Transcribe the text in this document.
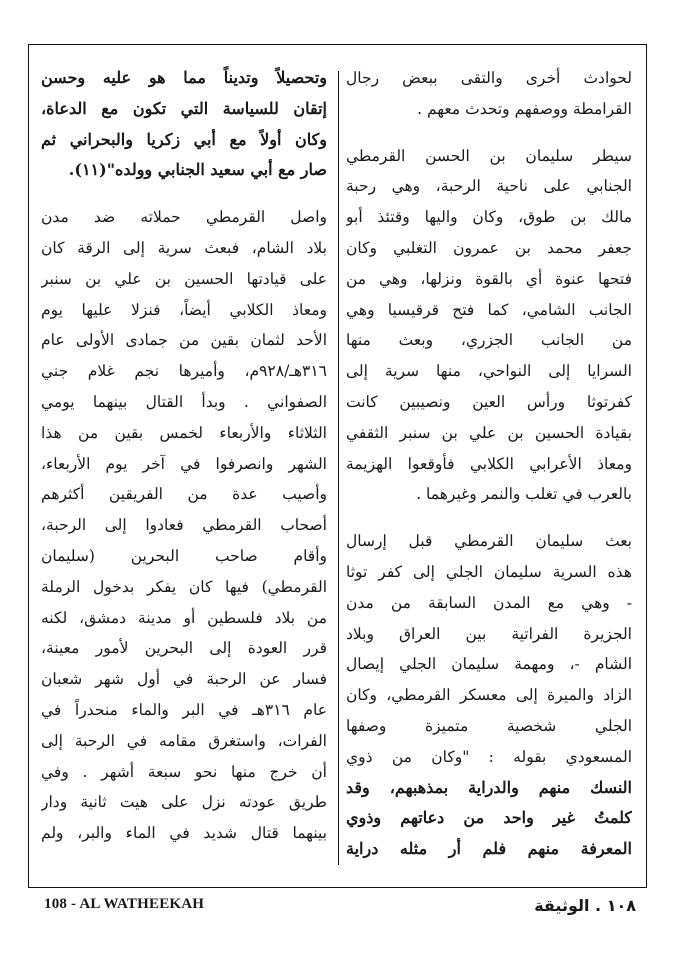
لحوادث أخرى والتقى ببعض رجال
القرامطة ووصفهم وتحدث معهم .
سيطر سليمان بن الحسن القرمطي
الجنابي على ناحية الرحبة، وهي رحبة
مالك بن طوق، وكان واليها وقتئذ أبو
جعفر محمد بن عمرون التغلبي وكان
فتحها عنوة أي بالقوة ونزلها، وهي من
الجانب الشامي، كما فتح قرقيسيا وهي
من الجانب الجزري، وبعث منها
السرايا إلى النواحي، منها سرية إلى
كفرتوثا ورأس العين ونصيبين كانت
بقيادة الحسين بن علي بن سنبر الثقفي
ومعاذ الأعرابي الكلابي فأوقعوا الهزيمة
بالعرب في تغلب والنمر وغيرهما .
بعث سليمان القرمطي قبل إرسال
هذه السرية سليمان الجلي إلى كفر توثا
- وهي مع المدن السابقة من مدن
الجزيرة الفراتية بين العراق وبلاد
الشام -، ومهمة سليمان الجلي إيصال
الزاد والميرة إلى معسكر القرمطي، وكان
الجلي شخصية متميزة وصفها
المسعودي بقوله : "وكان من ذوي
النسك منهم والدراية بمذهبهم، وقد
كلمتُ غير واحد من دعاتهم وذوي
المعرفة منهم فلم أر مثله دراية
وتحصيلاً وتديناً مما هو عليه وحسن
إتقان للسياسة التي تكون مع الدعاة،
وكان أولاً مع أبي زكريا والبحراني ثم
صار مع أبي سعيد الجنابي وولده"(١١).
واصل القرمطي حملاته ضد مدن
بلاد الشام، فبعث سرية إلى الرقة كان
على قيادتها الحسين بن علي بن سنبر
ومعاذ الكلابي أيضاً، فنزلا عليها يوم
الأحد لثمان بقين من جمادى الأولى عام
٣١٦هـ/٩٢٨م، وأميرها نجم غلام جني
الصفواني . وبدأ القتال بينهما يومي
الثلاثاء والأربعاء لخمس بقين من هذا
الشهر وانصرفوا في آخر يوم الأربعاء،
وأصيب عدة من الفريقين أكثرهم
أصحاب القرمطي فعادوا إلى الرحبة،
وأقام صاحب البحرين (سليمان
القرمطي) فيها كان يفكر بدخول الرملة
من بلاد فلسطين أو مدينة دمشق، لكنه
قرر العودة إلى البحرين لأمور معينة،
فسار عن الرحبة في أول شهر شعبان
عام ٣١٦هـ في البر والماء منحدراً في
الفرات، واستغرق مقامه في الرحبة إلى
أن خرج منها نحو سبعة أشهر . وفي
طريق عودته نزل على هيت ثانية ودار
بينهما قتال شديد في الماء والبر، ولم
108 - AL WATHEEKAH	١٠٨ . الوثيقة
